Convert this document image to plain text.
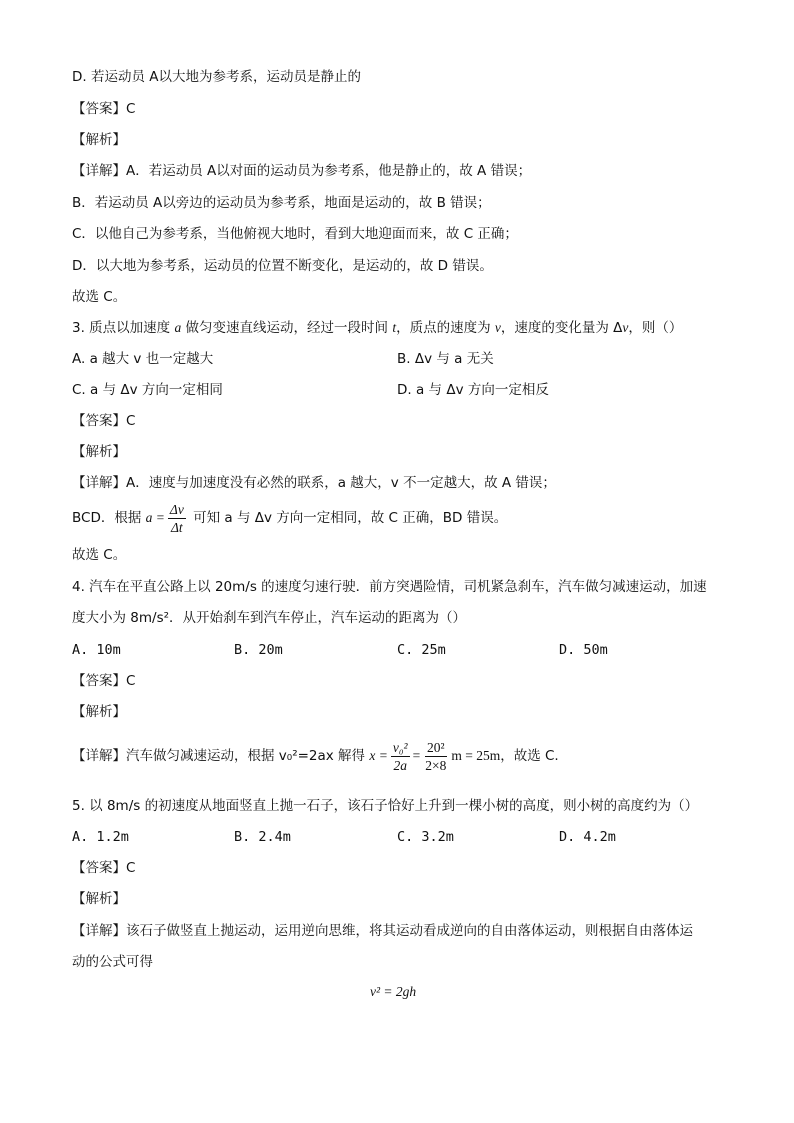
D. 若运动员 A以大地为参考系，运动员是静止的
【答案】C
【解析】
【详解】A．若运动员 A以对面的运动员为参考系，他是静止的，故 A 错误；
B．若运动员 A以旁边的运动员为参考系，地面是运动的，故 B 错误；
C．以他自己为参考系，当他俯视大地时，看到大地迎面而来，故 C 正确；
D．以大地为参考系，运动员的位置不断变化，是运动的，故 D 错误。
故选 C。
3. 质点以加速度 a 做匀变速直线运动，经过一段时间 t，质点的速度为 v，速度的变化量为 Δv，则（）
A. a 越大 v 也一定越大	B. Δv 与 a 无关
C. a 与 Δv 方向一定相同	D. a 与 Δv 方向一定相反
【答案】C
【解析】
【详解】A．速度与加速度没有必然的联系，a 越大，v 不一定越大，故 A 错误；
BCD．根据 $a = \frac{\Delta v}{\Delta t}$ 可知 a 与 Δv 方向一定相同，故 C 正确，BD 错误。
故选 C。
4. 汽车在平直公路上以 20m/s 的速度匀速行驶．前方突遇险情，司机紧急刹车，汽车做匀减速运动，加速
度大小为 8m/s²．从开始刹车到汽车停止，汽车运动的距离为（）
A. 10m	B. 20m	C. 25m	D. 50m
【答案】C
【解析】
【详解】汽车做匀减速运动，根据 v₀²=2ax 解得 $x = \frac{\text{v₀²}}{2a} = \frac{\text{20²}}{2\times 8}$ m = 25m，故选 C.
5. 以 8m/s 的初速度从地面竖直上抛一石子，该石子恰好上升到一棵小树的高度，则小树的高度约为（）
A. 1.2m	B. 2.4m	C. 3.2m	D. 4.2m
【答案】C
【解析】
【详解】该石子做竖直上抛运动，运用逆向思维，将其运动看成逆向的自由落体运动，则根据自由落体运
动的公式可得
v² = 2gh
